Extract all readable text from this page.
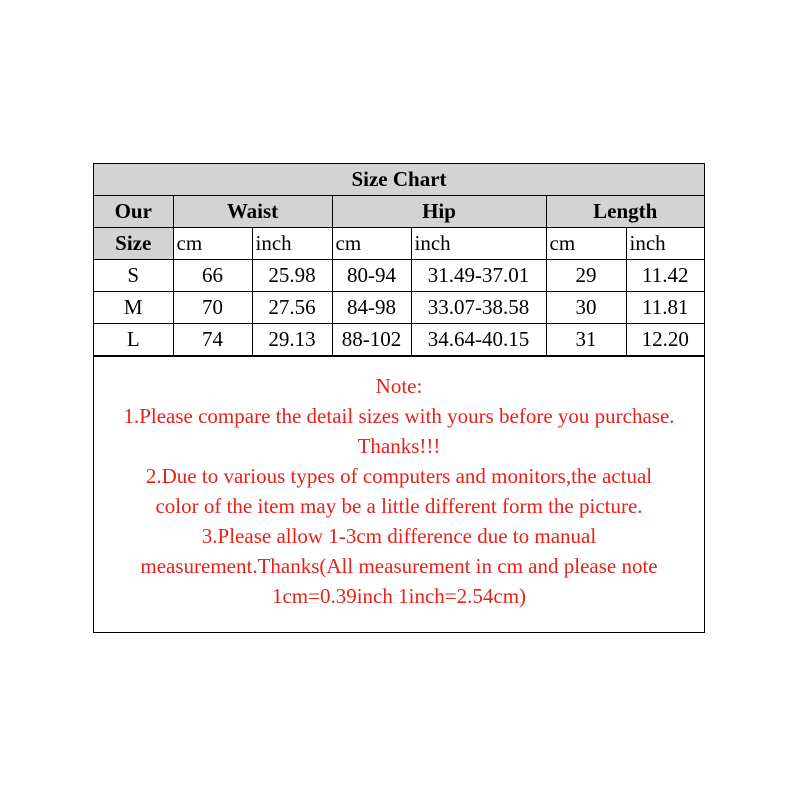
Size Chart						
Our	Waist		Hip		Length	
Size	cm	inch	cm	inch	cm	inch
S	66	25.98	80-94	31.49-37.01	29	11.42
M	70	27.56	84-98	33.07-38.58	30	11.81
L	74	29.13	88-102	34.64-40.15	31	12.20
Note:
1.Please compare the detail sizes with yours before you purchase.
Thanks!!!
2.Due to various types of computers and monitors,the actual
color of the item may be a little different form the picture.
3.Please allow 1-3cm difference due to manual
measurement.Thanks(All measurement in cm and please note
1cm=0.39inch 1inch=2.54cm)
